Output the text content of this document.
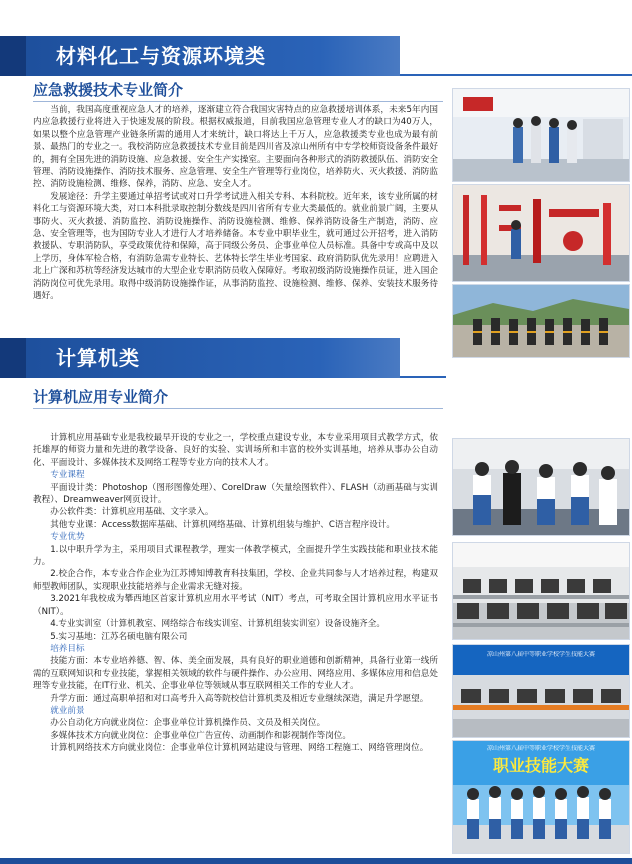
材料化工与资源环境类
应急救援技术专业简介

当前，我国高度重视应急人才的培养，逐渐建立符合我国灾害特点的应急救援培训体系，未来5年内国内应急救援行业将进入于快速发展的阶段。根据权威报道，目前我国应急管理专业人才的缺口为40万人，如果以整个应急管理产业链条所需的通用人才来统计，缺口将达上千万人，应急救援类专业也成为最有前景、最热门的专业之一。我校消防应急救援技术专业目前是四川省及凉山州所有中专学校师资设备条件最好的，拥有全国先进的消防设施、应急救援、安全生产实操室。主要面向各种形式的消防救援队伍、消防安全管理、消防设施操作、消防技术服务、应急管理、安全生产管理等行业岗位，培养防火、灭火救援、消防监控、消防设施检测、维修、保养，消防、应急、安全人才。

发展途径：升学主要通过单招考试或对口升学考试进入相关专科、本科院校。近年来，该专业所属的材料化工与资源环境大类，对口本科批录取控制分数线是四川省所有专业大类最低的。就业前景广阔，主要从事防火、灭火救援、消防监控、消防设施操作、消防设施检测、维修、保养消防设备生产制造，消防、应急、安全管理等，也为国防专业人才进行人才培养储备。本专业中职毕业生，就可通过公开招考，进入消防救援队、专职消防队，享受政策优待和保障，高于同级公务员、企事业单位人员标准。具备中专或高中及以上学历，身体军检合格，有消防急需专业特长、艺体特长学生毕业考国家、政府消防队优先录用！应聘进入北上广深和苏杭等经济发达城市的大型企业专职消防员收入保障好。考取初级消防设施操作员证，进入国企消防岗位可优先录用。取得中级消防设施操作证，从事消防监控、设施检测、维修、保养、安装技术服务待遇好。

计算机类
计算机应用专业简介

计算机应用基础专业是我校最早开设的专业之一，学校重点建设专业，本专业采用项目式教学方式，依托雄厚的师资力量和先进的教学设备、良好的实验、实训场所和丰富的校外实训基地，培养从事办公自动化、平面设计、多媒体技术及网络工程等专业方向的技术人才。

专业课程

平面设计类：Photoshop（图形图像处理）、CorelDraw（矢量绘图软件）、FLASH（动画基础与实训教程）、Dreamweaver网页设计。

办公软件类：计算机应用基础、文字录入。

其他专业课：Access数据库基础、计算机网络基础、计算机组装与维护、C语言程序设计。

专业优势

1.以中职升学为主，采用项目式课程教学，理实一体教学模式，全面提升学生实践技能和职业技术能力。

2.校企合作，本专业合作企业为江苏博知博教育科技集团，学校、企业共同参与人才培养过程，构建双师型教师团队，实现职业技能培养与企业需求无缝对接。

3.2021年我校成为攀西地区首家计算机应用水平考试（NIT）考点，可考取全国计算机应用水平证书（NIT）。

4.专业实训室（计算机教室、网络综合布线实训室、计算机组装实训室）设备设施齐全。

5.实习基地：江苏名硕电脑有限公司

培养目标

技能方面：本专业培养德、智、体、美全面发展，具有良好的职业道德和创新精神，具备行业第一线所需的互联网知识和专业技能，掌握相关领域的软件与硬件操作、办公应用、网络应用、多媒体应用和信息处理等专业技能，在IT行业、机关、企事业单位等领域从事互联网相关工作的专业人才。

升学方面：通过高职单招和对口高考升入高等院校信计算机类及相近专业继续深造，满足升学愿望。

就业前景

办公自动化方向就业岗位：企事业单位计算机操作员、文员及相关岗位。

多媒体技术方向就业岗位：企事业单位广告宣传、动画制作和影视制作等岗位。

计算机网络技术方向就业岗位：企事业单位计算机网站建设与管理、网络工程施工、网络管理岗位。

凉山州第八届中等职业学校学生技能大赛
凉山州第八届中等职业学校学生技能大赛
职业技能大赛
